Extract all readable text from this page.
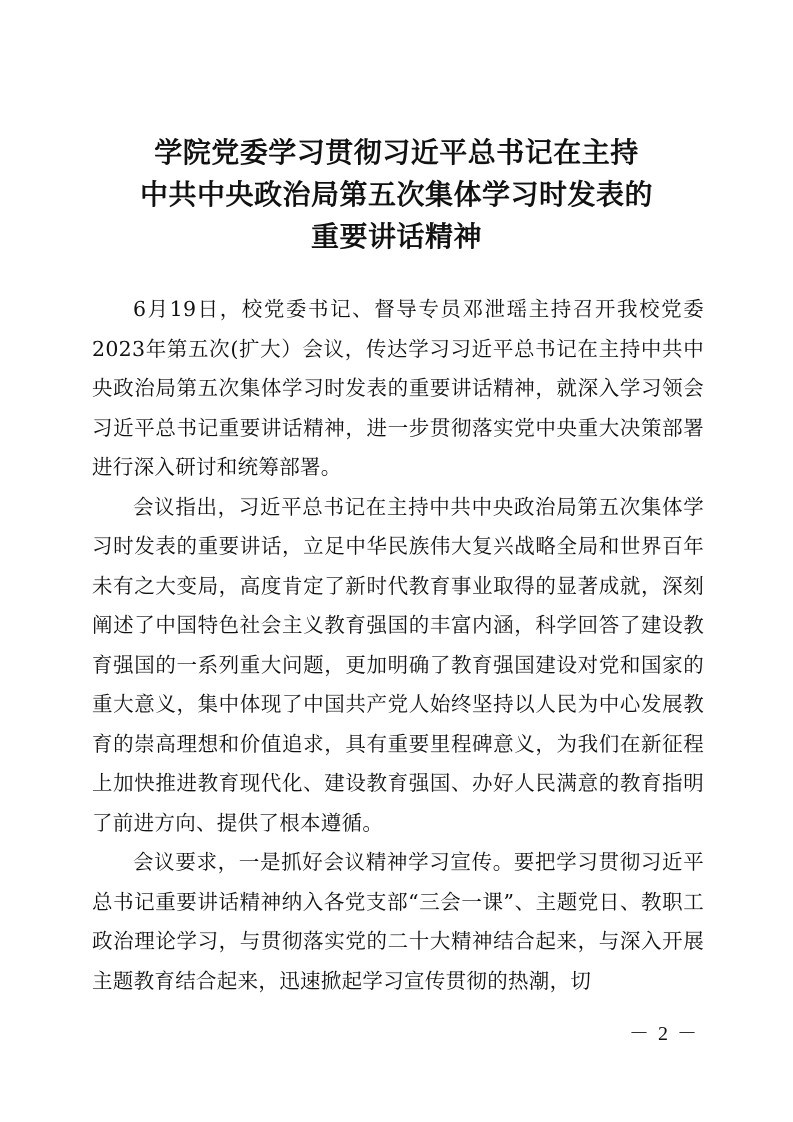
学院党委学习贯彻习近平总书记在主持
中共中央政治局第五次集体学习时发表的
重要讲话精神

6月19日，校党委书记、督导专员邓泄瑶主持召开我校党委2023年第五次(扩大）会议，传达学习习近平总书记在主持中共中央政治局第五次集体学习时发表的重要讲话精神，就深入学习领会习近平总书记重要讲话精神，进一步贯彻落实党中央重大决策部署进行深入研讨和统筹部署。

会议指出，习近平总书记在主持中共中央政治局第五次集体学习时发表的重要讲话，立足中华民族伟大复兴战略全局和世界百年未有之大变局，高度肯定了新时代教育事业取得的显著成就，深刻阐述了中国特色社会主义教育强国的丰富内涵，科学回答了建设教育强国的一系列重大问题，更加明确了教育强国建设对党和国家的重大意义，集中体现了中国共产党人始终坚持以人民为中心发展教育的崇高理想和价值追求，具有重要里程碑意义，为我们在新征程上加快推进教育现代化、建设教育强国、办好人民满意的教育指明了前进方向、提供了根本遵循。

会议要求，一是抓好会议精神学习宣传。要把学习贯彻习近平总书记重要讲话精神纳入各党支部“三会一课”、主题党日、教职工政治理论学习，与贯彻落实党的二十大精神结合起来，与深入开展主题教育结合起来，迅速掀起学习宣传贯彻的热潮，切

－ 2 －
